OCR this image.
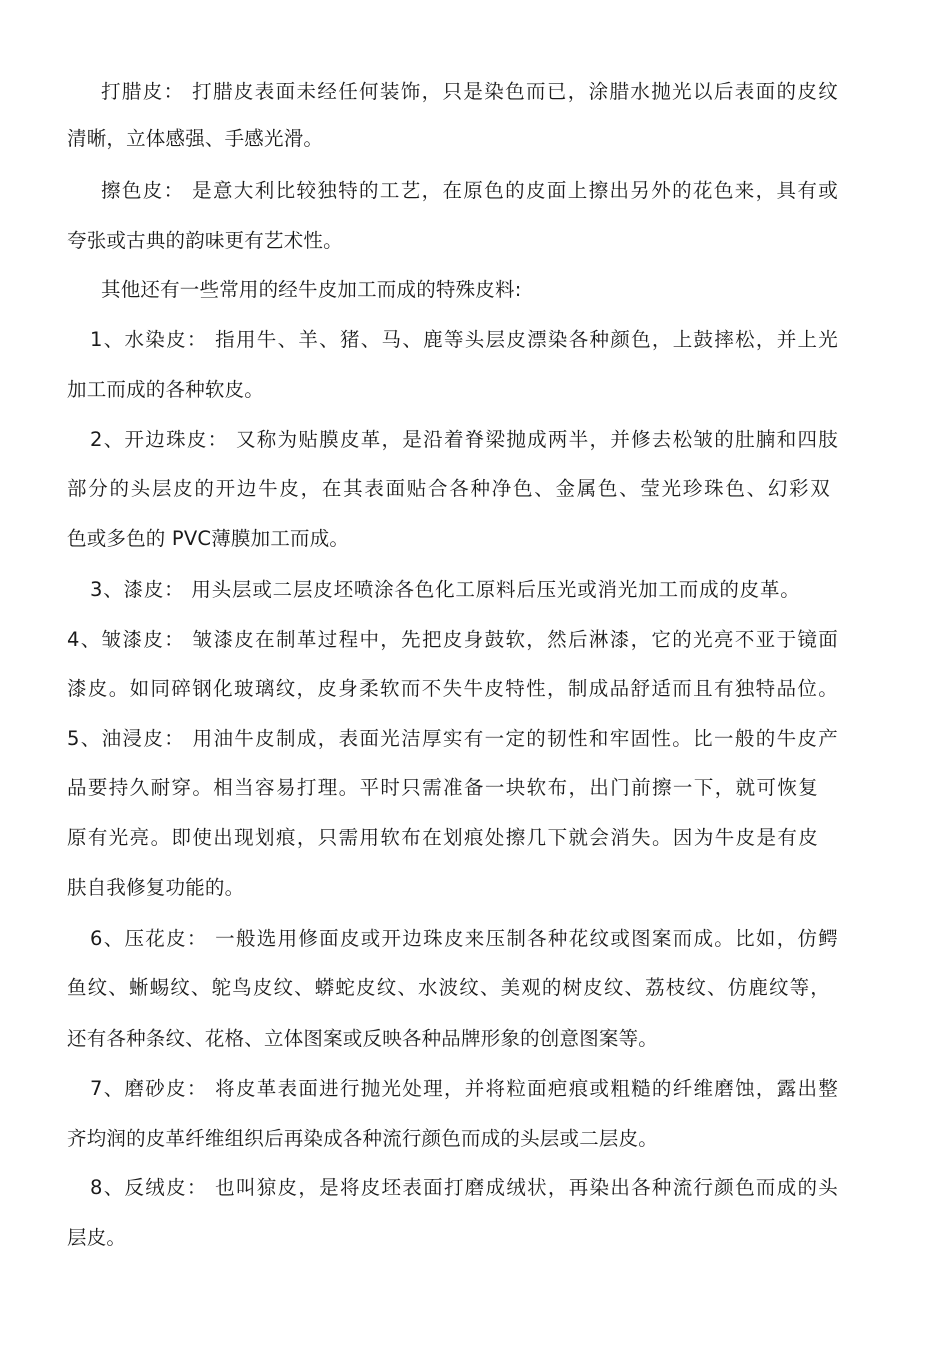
打腊皮： 打腊皮表面未经任何装饰，只是染色而已，涂腊水抛光以后表面的皮纹
清晰，立体感强、手感光滑。
擦色皮： 是意大利比较独特的工艺，在原色的皮面上擦出另外的花色来，具有或
夸张或古典的韵味更有艺术性。
其他还有一些常用的经牛皮加工而成的特殊皮料:
1、水染皮： 指用牛、羊、猪、马、鹿等头层皮漂染各种颜色，上鼓摔松，并上光
加工而成的各种软皮。
2、开边珠皮： 又称为贴膜皮革，是沿着脊梁抛成两半，并修去松皱的肚腩和四肢
部分的头层皮的开边牛皮，在其表面贴合各种净色、金属色、莹光珍珠色、幻彩双
色或多色的 PVC薄膜加工而成。
3、漆皮： 用头层或二层皮坯喷涂各色化工原料后压光或消光加工而成的皮革。
4、皱漆皮： 皱漆皮在制革过程中，先把皮身鼓软，然后淋漆，它的光亮不亚于镜面
漆皮。如同碎钢化玻璃纹，皮身柔软而不失牛皮特性，制成品舒适而且有独特品位。
5、油浸皮： 用油牛皮制成，表面光洁厚实有一定的韧性和牢固性。比一般的牛皮产
品要持久耐穿。相当容易打理。平时只需准备一块软布，出门前擦一下，就可恢复
原有光亮。即使出现划痕，只需用软布在划痕处擦几下就会消失。因为牛皮是有皮
肤自我修复功能的。
6、压花皮： 一般选用修面皮或开边珠皮来压制各种花纹或图案而成。比如，仿鳄
鱼纹、蜥蜴纹、鸵鸟皮纹、蟒蛇皮纹、水波纹、美观的树皮纹、荔枝纹、仿鹿纹等，
还有各种条纹、花格、立体图案或反映各种品牌形象的创意图案等。
7、磨砂皮： 将皮革表面进行抛光处理，并将粒面疤痕或粗糙的纤维磨蚀，露出整
齐均润的皮革纤维组织后再染成各种流行颜色而成的头层或二层皮。
8、反绒皮： 也叫猄皮，是将皮坯表面打磨成绒状，再染出各种流行颜色而成的头
层皮。
